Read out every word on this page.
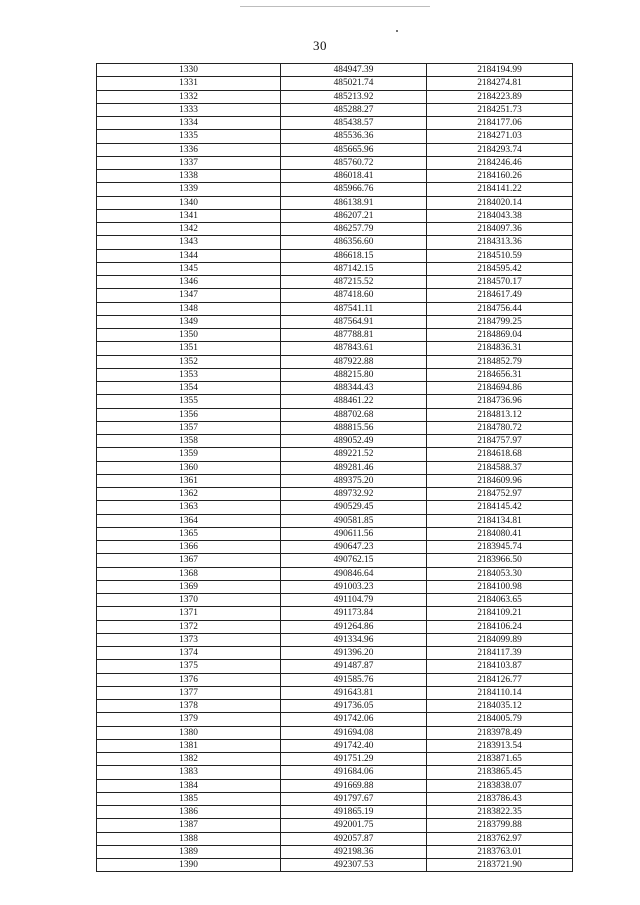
30
1330	484947.39	2184194.99
1331	485021.74	2184274.81
1332	485213.92	2184223.89
1333	485288.27	2184251.73
1334	485438.57	2184177.06
1335	485536.36	2184271.03
1336	485665.96	2184293.74
1337	485760.72	2184246.46
1338	486018.41	2184160.26
1339	485966.76	2184141.22
1340	486138.91	2184020.14
1341	486207.21	2184043.38
1342	486257.79	2184097.36
1343	486356.60	2184313.36
1344	486618.15	2184510.59
1345	487142.15	2184595.42
1346	487215.52	2184570.17
1347	487418.60	2184617.49
1348	487541.11	2184756.44
1349	487564.91	2184799.25
1350	487788.81	2184869.04
1351	487843.61	2184836.31
1352	487922.88	2184852.79
1353	488215.80	2184656.31
1354	488344.43	2184694.86
1355	488461.22	2184736.96
1356	488702.68	2184813.12
1357	488815.56	2184780.72
1358	489052.49	2184757.97
1359	489221.52	2184618.68
1360	489281.46	2184588.37
1361	489375.20	2184609.96
1362	489732.92	2184752.97
1363	490529.45	2184145.42
1364	490581.85	2184134.81
1365	490611.56	2184080.41
1366	490647.23	2183945.74
1367	490762.15	2183966.50
1368	490846.64	2184053.30
1369	491003.23	2184100.98
1370	491104.79	2184063.65
1371	491173.84	2184109.21
1372	491264.86	2184106.24
1373	491334.96	2184099.89
1374	491396.20	2184117.39
1375	491487.87	2184103.87
1376	491585.76	2184126.77
1377	491643.81	2184110.14
1378	491736.05	2184035.12
1379	491742.06	2184005.79
1380	491694.08	2183978.49
1381	491742.40	2183913.54
1382	491751.29	2183871.65
1383	491684.06	2183865.45
1384	491669.88	2183838.07
1385	491797.67	2183786.43
1386	491865.19	2183822.35
1387	492001.75	2183799.88
1388	492057.87	2183762.97
1389	492198.36	2183763.01
1390	492307.53	2183721.90
